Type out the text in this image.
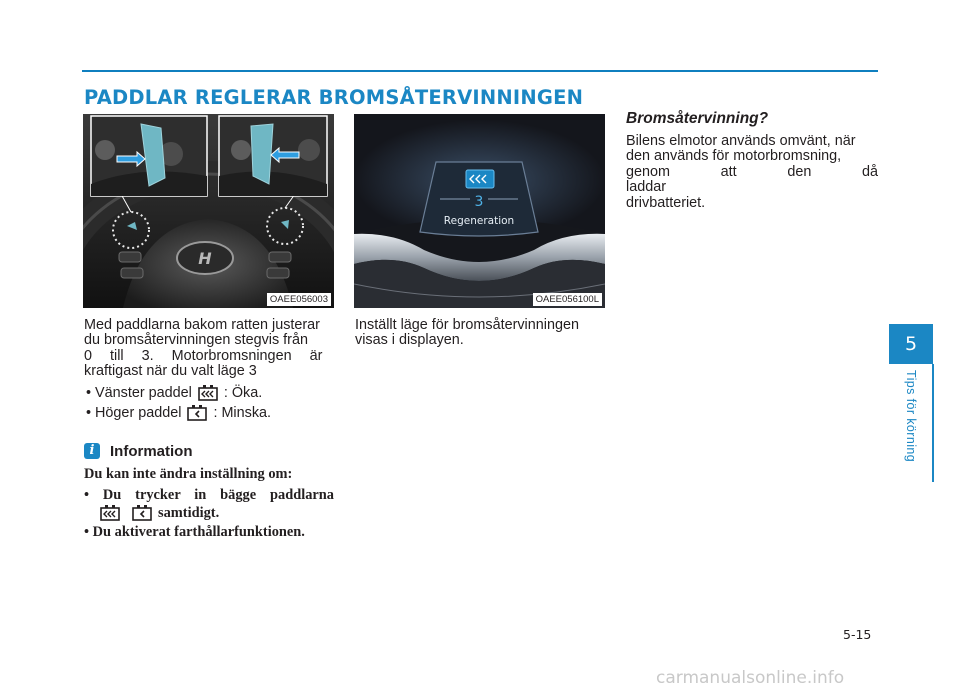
PADDLAR REGLERAR BROMSÅTERVINNINGEN
H
OAEE056003
3
Regeneration
OAEE056100L
Med paddlarna bakom ratten justerar
du bromsåtervinningen stegvis från
0 till 3. Motorbromsningen är
kraftigast när du valt läge 3
• Vänster paddel : Öka.
• Höger paddel : Minska.
i	Information
Du kan inte ändra inställning om:
• Du trycker in bägge paddlarna
samtidigt.
• Du aktiverat farthållarfunktionen.
Inställt läge för bromsåtervinningen
visas i displayen.
Bromsåtervinning?
Bilens elmotor används omvänt, när
den används för motorbromsning,
genom att den då laddar
drivbatteriet.
5
Tips för körning
5-15
carmanualsonline.info
